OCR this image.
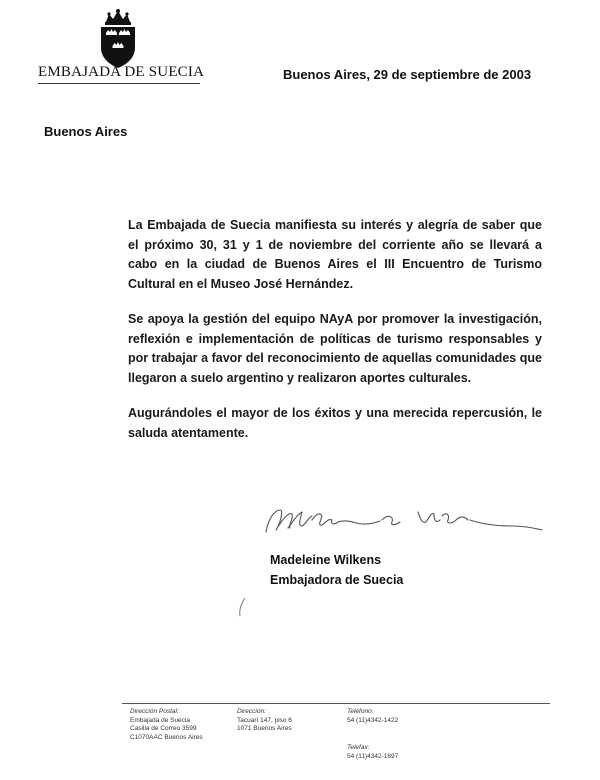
EMBAJADA DE SUECIA	Buenos Aires, 29 de septiembre de 2003
Buenos Aires

La Embajada de Suecia manifiesta su interés y alegría de saber que el próximo 30, 31 y 1 de noviembre del corriente año se llevará a cabo en la ciudad de Buenos Aires el III Encuentro de Turismo Cultural en el Museo José Hernández.

Se apoya la gestión del equipo NAyA por promover la investigación, reflexión e implementación de políticas de turismo responsables y por trabajar a favor del reconocimiento de aquellas comunidades que llegaron a suelo argentino y realizaron aportes culturales.

Augurándoles el mayor de los éxitos y una merecida repercusión, le saluda atentamente.

Madeleine Wilkens
Embajadora de Suecia
Dirección Postal:
Embajada de Suecia
Casilla de Correo 3599
C1070AAC Buenos Aires
Dirección:
Tacuarí 147, piso 6
1071 Buenos Aires
Teléfono:
54 (11)4342-1422
Telefax:
54 (11)4342-1697
